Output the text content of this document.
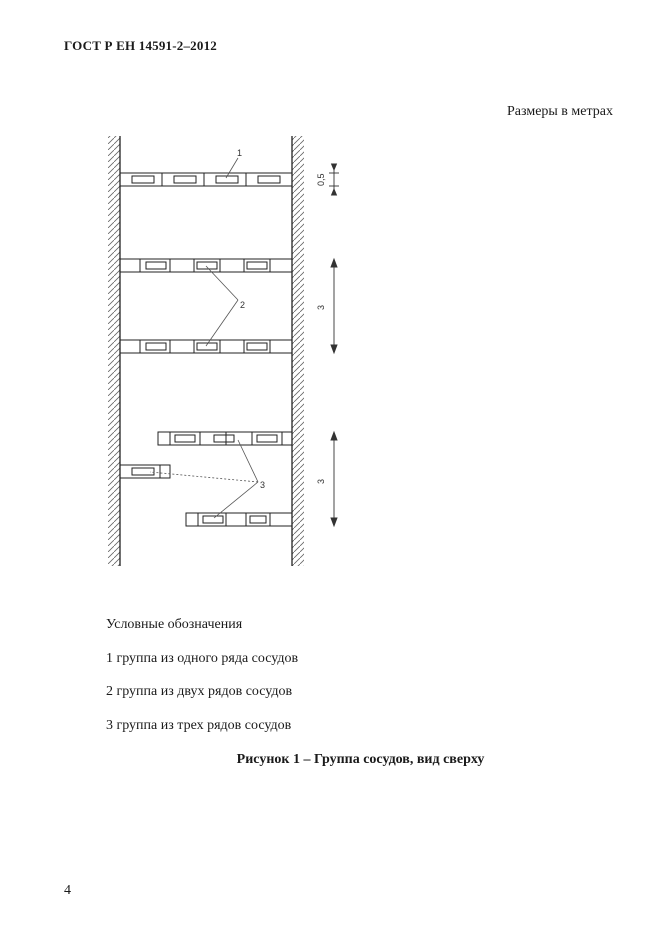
ГОСТ Р ЕН 14591-2–2012
Размеры в метрах
1
2
3
0,5
3
3
Условные обозначения
1 группа из одного ряда сосудов
2 группа из двух рядов сосудов
3 группа из трех рядов сосудов
Рисунок 1 – Группа сосудов, вид сверху
4
